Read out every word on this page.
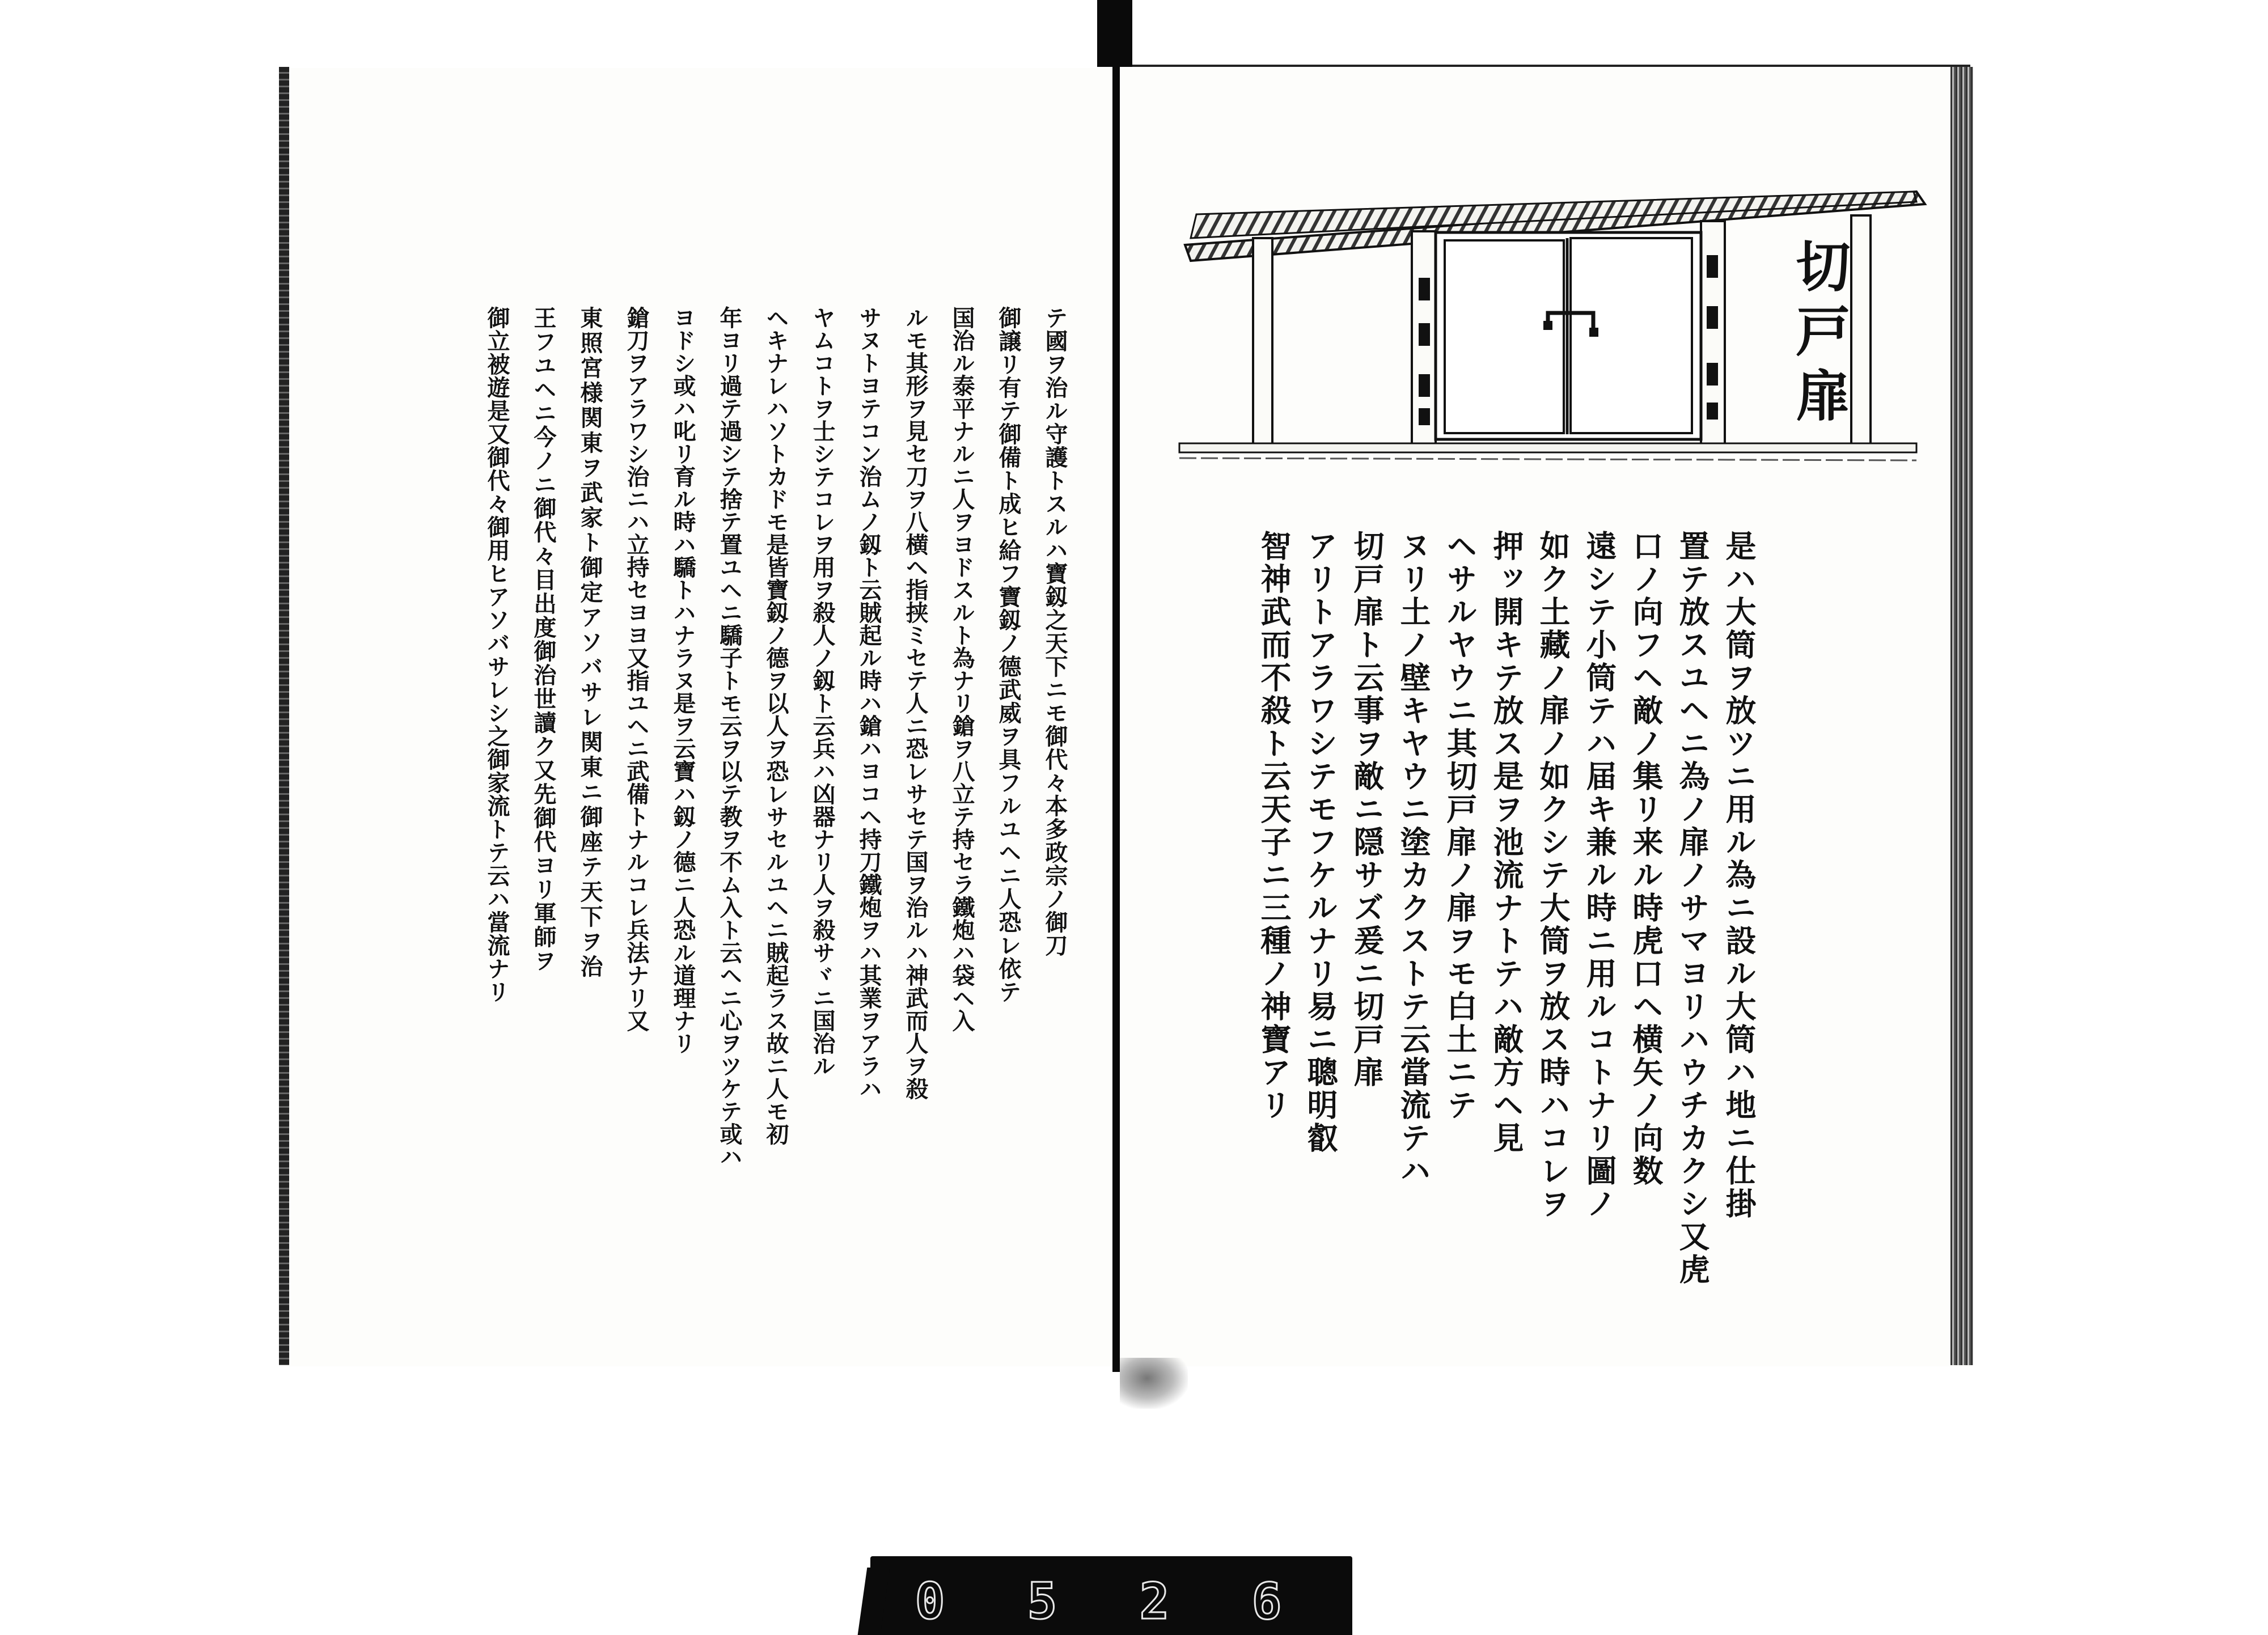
切戸扉
是ハ大筒ヲ放ツニ用ル為ニ設ル大筒ハ地ニ仕掛
置テ放スユヘニ為ノ扉ノサマヨリハウチカクシ又虎
口ノ向フヘ敵ノ集リ来ル時虎口ヘ横矢ノ向数
遠シテ小筒テハ届キ兼ル時ニ用ルコトナリ圖ノ
如ク土藏ノ扉ノ如クシテ大筒ヲ放ス時ハコレヲ
押ッ開キテ放ス是ヲ池流ナトテハ敵方ヘ見
ヘサルヤウニ其切戸扉ノ扉ヲモ白土ニテ
ヌリ土ノ壁キヤウニ塗カクストテ云當流テハ
切戸扉ト云事ヲ敵ニ隠サズ爰ニ切戸扉
アリトアラワシテモフケルナリ易ニ聰明叡
智神武而不殺ト云天子ニ三種ノ神寶アリ
テ國ヲ治ル守護トスルハ寶釼之天下ニモ御代々本多政宗ノ御刀
御譲リ有テ御備ト成ヒ給フ寶釼ノ德武威ヲ具フルユヘニ人恐レ依テ
国治ル泰平ナルニ人ヲヨドスルト為ナリ鎗ヲ八立テ持セラ鐵炮ハ袋ヘ入
ルモ其形ヲ見セ刀ヲ八横ヘ指挟ミセテ人ニ恐レサセテ国ヲ治ルハ神武而人ヲ殺
サヌトヨテコン治ムノ釼ト云賊起ル時ハ鎗ハヨコヘ持刀鐵炮ヲハ其業ヲアラハ
ヤムコトヲ士シテコレヲ用ヲ殺人ノ釼ト云兵ハ凶器ナリ人ヲ殺サヾニ国治ル
ヘキナレハソトカドモ是皆寶釼ノ德ヲ以人ヲ恐レサセルユヘニ賊起ラス故ニ人モ初
年ヨリ過テ過シテ捨テ置ユヘニ驕子トモ云ヲ以テ教ヲ不ム入ト云ヘニ心ヲツケテ或ハ
ヨドシ或ハ叱リ育ル時ハ驕トハナラヌ是ヲ云寶ハ釼ノ德ニ人恐ル道理ナリ
鎗刀ヲアラワシ治ニハ立持セヨヨ又指ユヘニ武備トナルコレ兵法ナリ又
東照宮様関東ヲ武家ト御定アソバサレ関東ニ御座テ天下ヲ治
王フユヘニ今ノニ御代々目出度御治世讀ク又先御代ヨリ軍師ヲ
御立被遊是又御代々御用ヒアソバサレシ之御家流トテ云ハ當流ナリ
0 5 2 6
